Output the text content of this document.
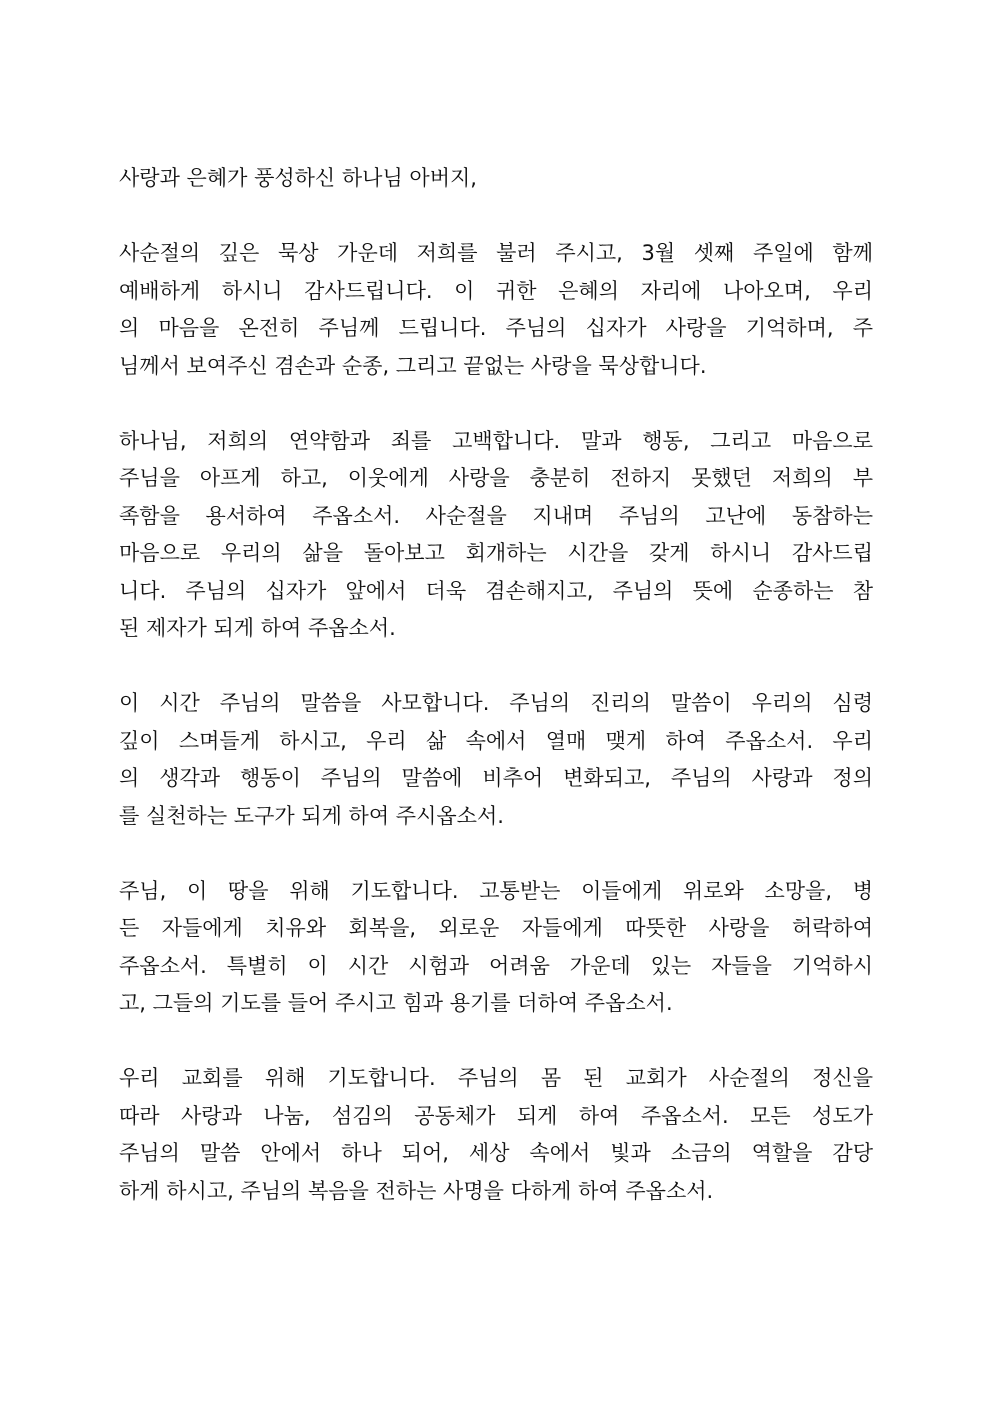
사랑과 은혜가 풍성하신 하나님 아버지,

사순절의 깊은 묵상 가운데 저희를 불러 주시고, 3월 셋째 주일에 함께
예배하게 하시니 감사드립니다. 이 귀한 은혜의 자리에 나아오며, 우리
의 마음을 온전히 주님께 드립니다. 주님의 십자가 사랑을 기억하며, 주
님께서 보여주신 겸손과 순종, 그리고 끝없는 사랑을 묵상합니다.

하나님, 저희의 연약함과 죄를 고백합니다. 말과 행동, 그리고 마음으로
주님을 아프게 하고, 이웃에게 사랑을 충분히 전하지 못했던 저희의 부
족함을 용서하여 주옵소서. 사순절을 지내며 주님의 고난에 동참하는
마음으로 우리의 삶을 돌아보고 회개하는 시간을 갖게 하시니 감사드립
니다. 주님의 십자가 앞에서 더욱 겸손해지고, 주님의 뜻에 순종하는 참
된 제자가 되게 하여 주옵소서.

이 시간 주님의 말씀을 사모합니다. 주님의 진리의 말씀이 우리의 심령
깊이 스며들게 하시고, 우리 삶 속에서 열매 맺게 하여 주옵소서. 우리
의 생각과 행동이 주님의 말씀에 비추어 변화되고, 주님의 사랑과 정의
를 실천하는 도구가 되게 하여 주시옵소서.

주님, 이 땅을 위해 기도합니다. 고통받는 이들에게 위로와 소망을, 병
든 자들에게 치유와 회복을, 외로운 자들에게 따뜻한 사랑을 허락하여
주옵소서. 특별히 이 시간 시험과 어려움 가운데 있는 자들을 기억하시
고, 그들의 기도를 들어 주시고 힘과 용기를 더하여 주옵소서.

우리 교회를 위해 기도합니다. 주님의 몸 된 교회가 사순절의 정신을
따라 사랑과 나눔, 섬김의 공동체가 되게 하여 주옵소서. 모든 성도가
주님의 말씀 안에서 하나 되어, 세상 속에서 빛과 소금의 역할을 감당
하게 하시고, 주님의 복음을 전하는 사명을 다하게 하여 주옵소서.
